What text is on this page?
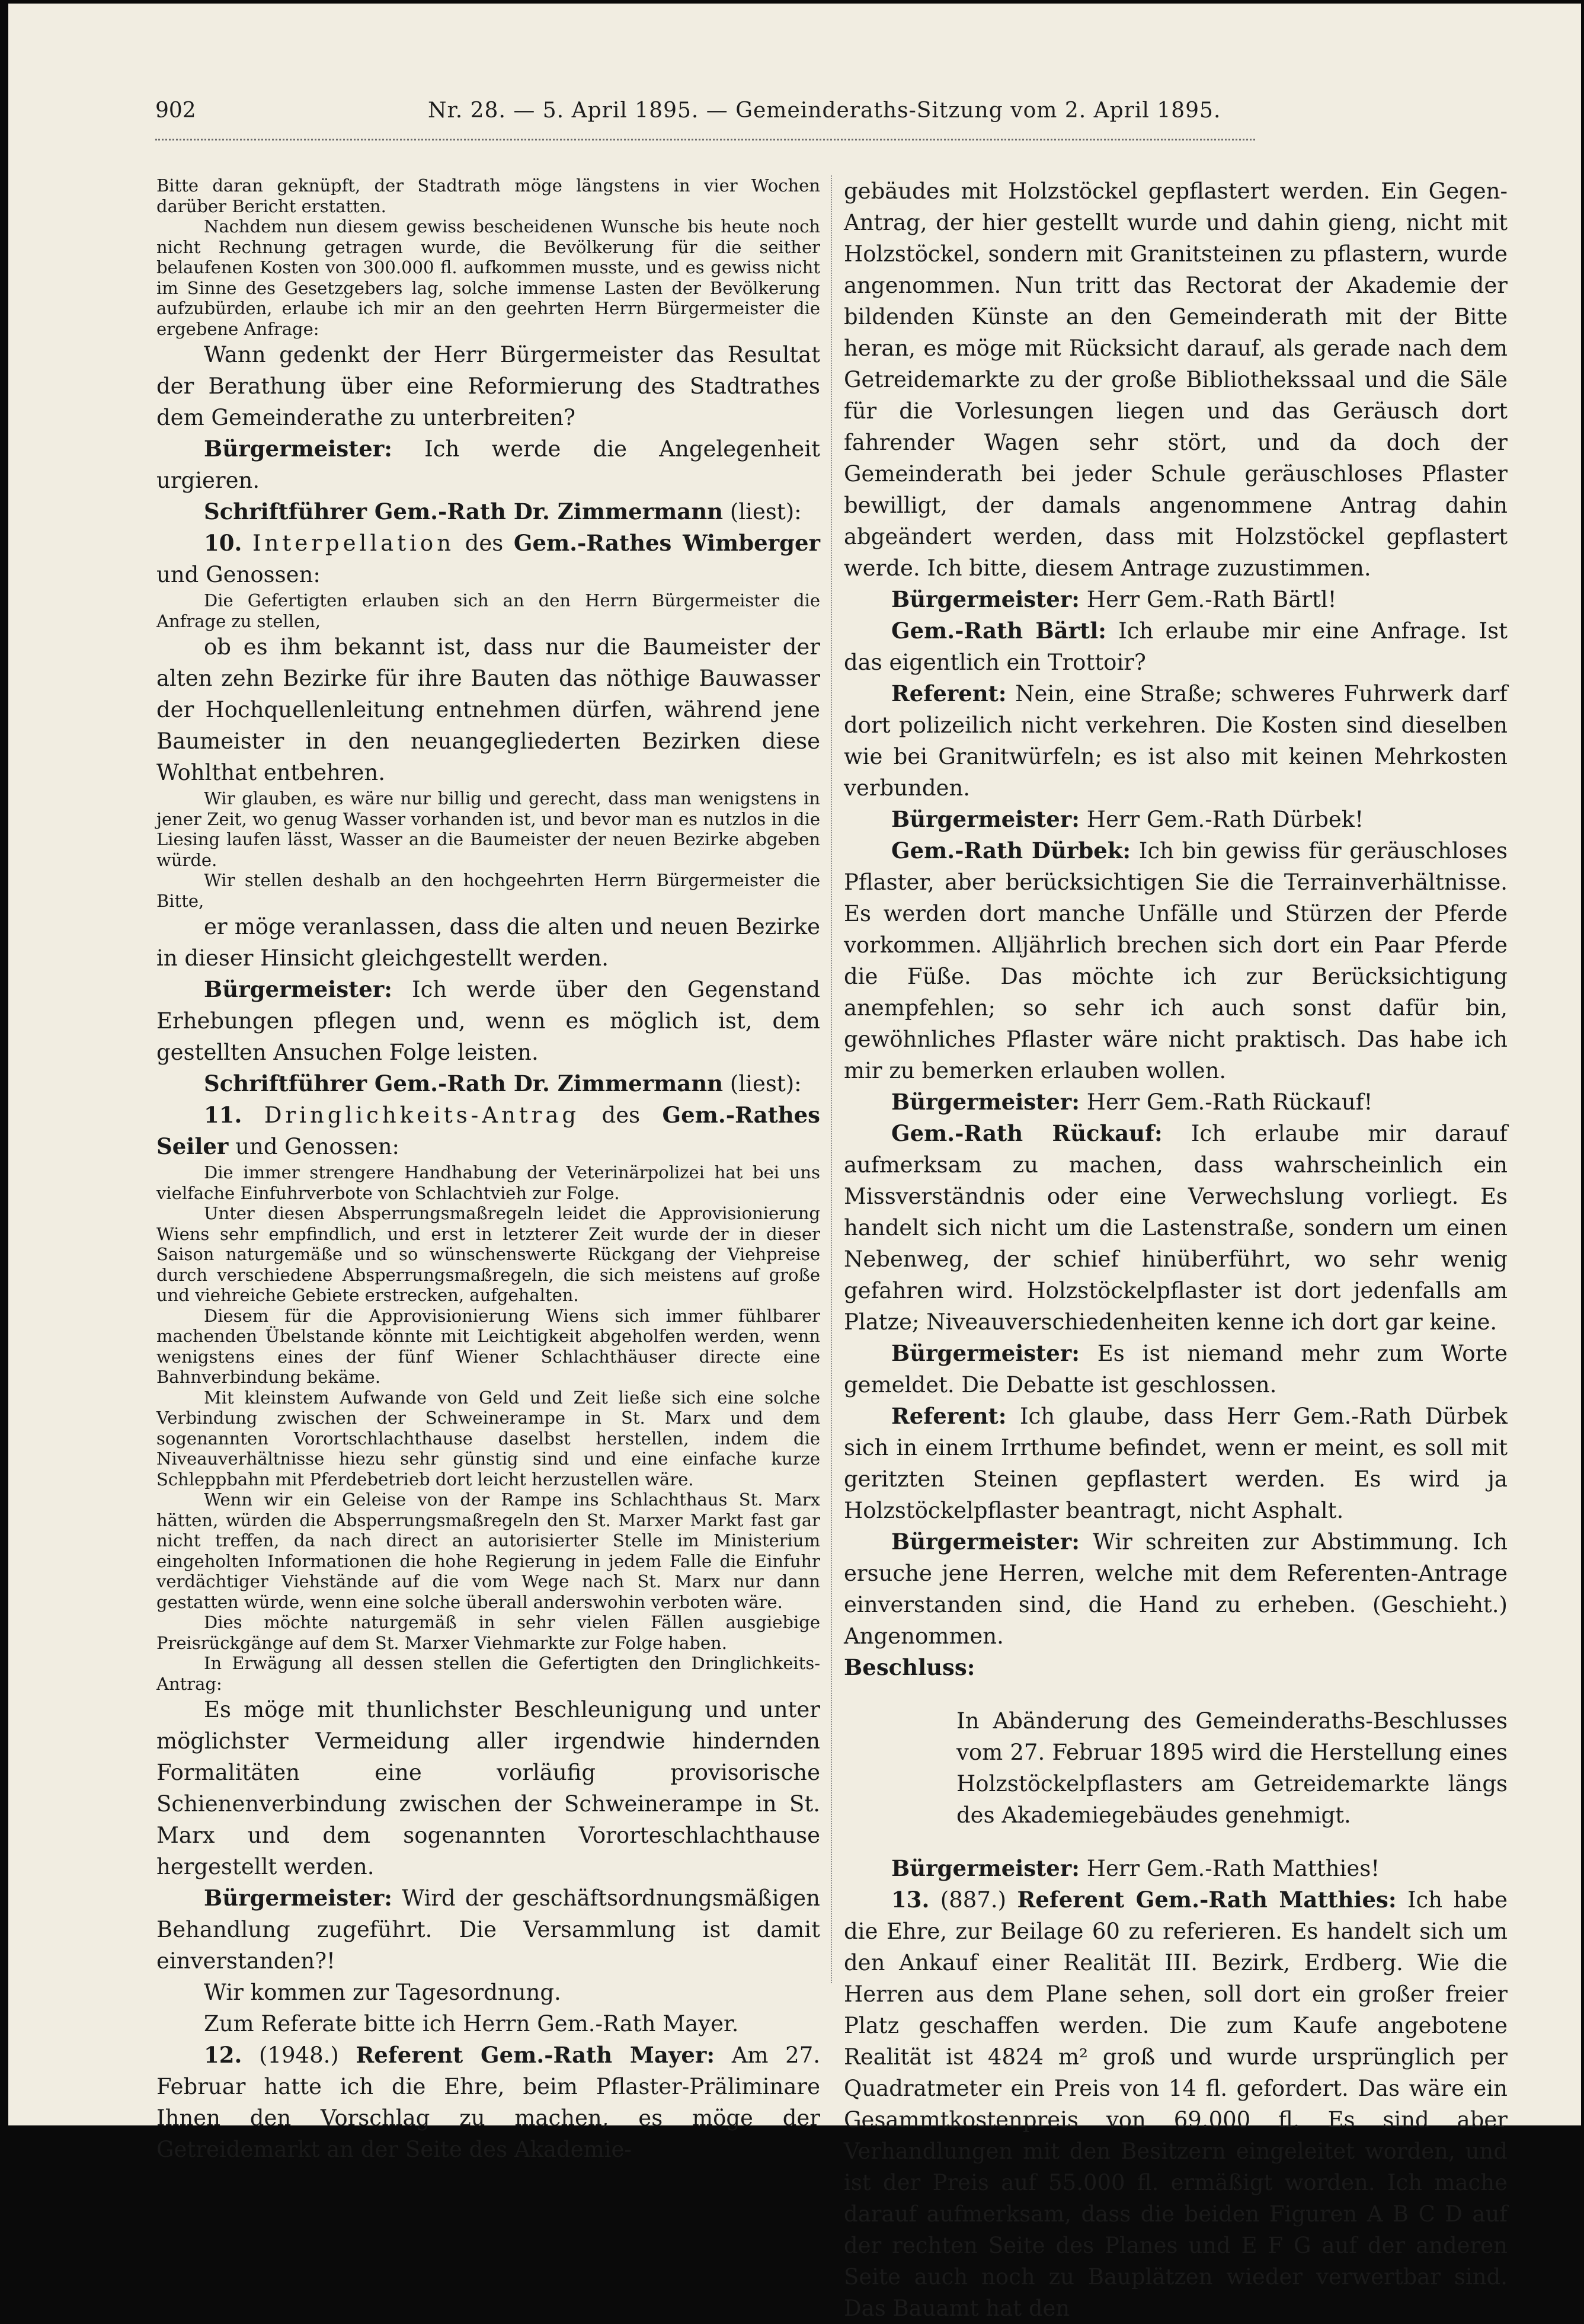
902	Nr. 28. — 5. April 1895. — Gemeinderaths-Sitzung vom 2. April 1895.

Bitte daran geknüpft, der Stadtrath möge längstens in vier Wochen darüber Bericht erstatten.

Nachdem nun diesem gewiss bescheidenen Wunsche bis heute noch nicht Rechnung getragen wurde, die Bevölkerung für die seither belaufenen Kosten von 300.000 fl. aufkommen musste, und es gewiss nicht im Sinne des Gesetzgebers lag, solche immense Lasten der Bevölkerung aufzubürden, erlaube ich mir an den geehrten Herrn Bürgermeister die ergebene Anfrage:

Wann gedenkt der Herr Bürgermeister das Resultat der Berathung über eine Reformierung des Stadtrathes dem Gemeinderathe zu unterbreiten?

Bürgermeister: Ich werde die Angelegenheit urgieren.

Schriftführer Gem.-Rath Dr. Zimmermann (liest):

10. Interpellation des Gem.-Rathes Wimberger und Genossen:

Die Gefertigten erlauben sich an den Herrn Bürgermeister die Anfrage zu stellen,

ob es ihm bekannt ist, dass nur die Baumeister der alten zehn Bezirke für ihre Bauten das nöthige Bauwasser der Hochquellenleitung entnehmen dürfen, während jene Baumeister in den neuangegliederten Bezirken diese Wohlthat entbehren.

Wir glauben, es wäre nur billig und gerecht, dass man wenigstens in jener Zeit, wo genug Wasser vorhanden ist, und bevor man es nutzlos in die Liesing laufen lässt, Wasser an die Baumeister der neuen Bezirke abgeben würde.

Wir stellen deshalb an den hochgeehrten Herrn Bürgermeister die Bitte,

er möge veranlassen, dass die alten und neuen Bezirke in dieser Hinsicht gleichgestellt werden.

Bürgermeister: Ich werde über den Gegenstand Erhebungen pflegen und, wenn es möglich ist, dem gestellten Ansuchen Folge leisten.

Schriftführer Gem.-Rath Dr. Zimmermann (liest):

11. Dringlichkeits-Antrag des Gem.-Rathes Seiler und Genossen:

Die immer strengere Handhabung der Veterinärpolizei hat bei uns vielfache Einfuhrverbote von Schlachtvieh zur Folge.

Unter diesen Absperrungsmaßregeln leidet die Approvisionierung Wiens sehr empfindlich, und erst in letzterer Zeit wurde der in dieser Saison naturgemäße und so wünschenswerte Rückgang der Viehpreise durch verschiedene Absperrungsmaßregeln, die sich meistens auf große und viehreiche Gebiete erstrecken, aufgehalten.

Diesem für die Approvisionierung Wiens sich immer fühlbarer machenden Übelstande könnte mit Leichtigkeit abgeholfen werden, wenn wenigstens eines der fünf Wiener Schlachthäuser directe eine Bahnverbindung bekäme.

Mit kleinstem Aufwande von Geld und Zeit ließe sich eine solche Verbindung zwischen der Schweinerampe in St. Marx und dem sogenannten Vorortschlachthause daselbst herstellen, indem die Niveauverhältnisse hiezu sehr günstig sind und eine einfache kurze Schleppbahn mit Pferdebetrieb dort leicht herzustellen wäre.

Wenn wir ein Geleise von der Rampe ins Schlachthaus St. Marx hätten, würden die Absperrungsmaßregeln den St. Marxer Markt fast gar nicht treffen, da nach direct an autorisierter Stelle im Ministerium eingeholten Informationen die hohe Regierung in jedem Falle die Einfuhr verdächtiger Viehstände auf die vom Wege nach St. Marx nur dann gestatten würde, wenn eine solche überall anderswohin verboten wäre.

Dies möchte naturgemäß in sehr vielen Fällen ausgiebige Preisrückgänge auf dem St. Marxer Viehmarkte zur Folge haben.

In Erwägung all dessen stellen die Gefertigten den Dringlichkeits-Antrag:

Es möge mit thunlichster Beschleunigung und unter möglichster Vermeidung aller irgendwie hindernden Formalitäten eine vorläufig provisorische Schienenverbindung zwischen der Schweinerampe in St. Marx und dem sogenannten Vororteschlachthause hergestellt werden.

Bürgermeister: Wird der geschäftsordnungsmäßigen Behandlung zugeführt. Die Versammlung ist damit einverstanden?!

Wir kommen zur Tagesordnung.

Zum Referate bitte ich Herrn Gem.-Rath Mayer.

12. (1948.) Referent Gem.-Rath Mayer: Am 27. Februar hatte ich die Ehre, beim Pflaster-Präliminare Ihnen den Vorschlag zu machen, es möge der Getreidemarkt an der Seite des Akademie-

gebäudes mit Holzstöckel gepflastert werden. Ein Gegen-Antrag, der hier gestellt wurde und dahin gieng, nicht mit Holzstöckel, sondern mit Granitsteinen zu pflastern, wurde angenommen. Nun tritt das Rectorat der Akademie der bildenden Künste an den Gemeinderath mit der Bitte heran, es möge mit Rücksicht darauf, als gerade nach dem Getreidemarkte zu der große Bibliothekssaal und die Säle für die Vorlesungen liegen und das Geräusch dort fahrender Wagen sehr stört, und da doch der Gemeinderath bei jeder Schule geräuschloses Pflaster bewilligt, der damals angenommene Antrag dahin abgeändert werden, dass mit Holzstöckel gepflastert werde. Ich bitte, diesem Antrage zuzustimmen.

Bürgermeister: Herr Gem.-Rath Bärtl!

Gem.-Rath Bärtl: Ich erlaube mir eine Anfrage. Ist das eigentlich ein Trottoir?

Referent: Nein, eine Straße; schweres Fuhrwerk darf dort polizeilich nicht verkehren. Die Kosten sind dieselben wie bei Granitwürfeln; es ist also mit keinen Mehrkosten verbunden.

Bürgermeister: Herr Gem.-Rath Dürbek!

Gem.-Rath Dürbek: Ich bin gewiss für geräuschloses Pflaster, aber berücksichtigen Sie die Terrainverhältnisse. Es werden dort manche Unfälle und Stürzen der Pferde vorkommen. Alljährlich brechen sich dort ein Paar Pferde die Füße. Das möchte ich zur Berücksichtigung anempfehlen; so sehr ich auch sonst dafür bin, gewöhnliches Pflaster wäre nicht praktisch. Das habe ich mir zu bemerken erlauben wollen.

Bürgermeister: Herr Gem.-Rath Rückauf!

Gem.-Rath Rückauf: Ich erlaube mir darauf aufmerksam zu machen, dass wahrscheinlich ein Missverständnis oder eine Verwechslung vorliegt. Es handelt sich nicht um die Lastenstraße, sondern um einen Nebenweg, der schief hinüberführt, wo sehr wenig gefahren wird. Holzstöckelpflaster ist dort jedenfalls am Platze; Niveauverschiedenheiten kenne ich dort gar keine.

Bürgermeister: Es ist niemand mehr zum Worte gemeldet. Die Debatte ist geschlossen.

Referent: Ich glaube, dass Herr Gem.-Rath Dürbek sich in einem Irrthume befindet, wenn er meint, es soll mit geritzten Steinen gepflastert werden. Es wird ja Holzstöckelpflaster beantragt, nicht Asphalt.

Bürgermeister: Wir schreiten zur Abstimmung. Ich ersuche jene Herren, welche mit dem Referenten-Antrage einverstanden sind, die Hand zu erheben. (Geschieht.) Angenommen.

Beschluss:

In Abänderung des Gemeinderaths-Beschlusses vom 27. Februar 1895 wird die Herstellung eines Holzstöckelpflasters am Getreidemarkte längs des Akademiegebäudes genehmigt.

Bürgermeister: Herr Gem.-Rath Matthies!

13. (887.) Referent Gem.-Rath Matthies: Ich habe die Ehre, zur Beilage 60 zu referieren. Es handelt sich um den Ankauf einer Realität III. Bezirk, Erdberg. Wie die Herren aus dem Plane sehen, soll dort ein großer freier Platz geschaffen werden. Die zum Kaufe angebotene Realität ist 4824 m² groß und wurde ursprünglich per Quadratmeter ein Preis von 14 fl. gefordert. Das wäre ein Gesammtkostenpreis von 69.000 fl. Es sind aber Verhandlungen mit den Besitzern eingeleitet worden, und ist der Preis auf 55.000 fl. ermäßigt worden. Ich mache darauf aufmerksam, dass die beiden Figuren A B C D auf der rechten Seite des Planes und E F G auf der anderen Seite auch noch zu Bauplätzen wieder verwertbar sind. Das Bauamt hat den
